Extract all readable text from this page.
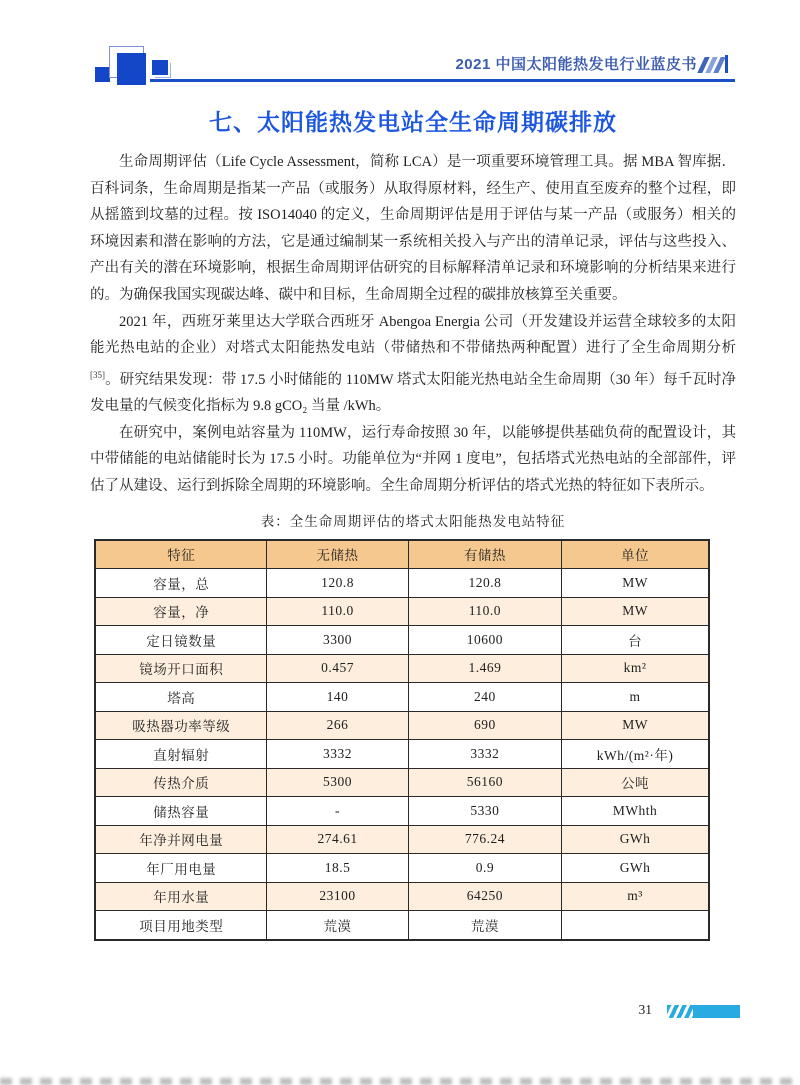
2021 中国太阳能热发电行业蓝皮书
七、太阳能热发电站全生命周期碳排放

生命周期评估（Life Cycle Assessment，简称 LCA）是一项重要环境管理工具。据 MBA 智库据．百科词条，生命周期是指某一产品（或服务）从取得原材料，经生产、使用直至废弃的整个过程，即从摇篮到坟墓的过程。按 ISO14040 的定义，生命周期评估是用于评估与某一产品（或服务）相关的环境因素和潜在影响的方法，它是通过编制某一系统相关投入与产出的清单记录，评估与这些投入、产出有关的潜在环境影响，根据生命周期评估研究的目标解释清单记录和环境影响的分析结果来进行的。为确保我国实现碳达峰、碳中和目标，生命周期全过程的碳排放核算至关重要。

2021 年，西班牙莱里达大学联合西班牙 Abengoa Energia 公司（开发建设并运营全球较多的太阳能光热电站的企业）对塔式太阳能热发电站（带储热和不带储热两种配置）进行了全生命周期分析 [35]。研究结果发现：带 17.5 小时储能的 110MW 塔式太阳能光热电站全生命周期（30 年）每千瓦时净发电量的气候变化指标为 9.8 gCO₂ 当量 /kWh。

在研究中，案例电站容量为 110MW，运行寿命按照 30 年，以能够提供基础负荷的配置设计，其中带储能的电站储能时长为 17.5 小时。功能单位为“并网 1 度电”，包括塔式光热电站的全部部件，评估了从建设、运行到拆除全周期的环境影响。全生命周期分析评估的塔式光热的特征如下表所示。

表：全生命周期评估的塔式太阳能热发电站特征
特征	无储热	有储热	单位
容量，总	120.8	120.8	MW
容量，净	110.0	110.0	MW
定日镜数量	3300	10600	台
镜场开口面积	0.457	1.469	km²
塔高	140	240	m
吸热器功率等级	266	690	MW
直射辐射	3332	3332	kWh/(m²·年)
传热介质	5300	56160	公吨
储热容量	-	5330	MWhth
年净并网电量	274.61	776.24	GWh
年厂用电量	18.5	0.9	GWh
年用水量	23100	64250	m³
项目用地类型	荒漠	荒漠	
31
